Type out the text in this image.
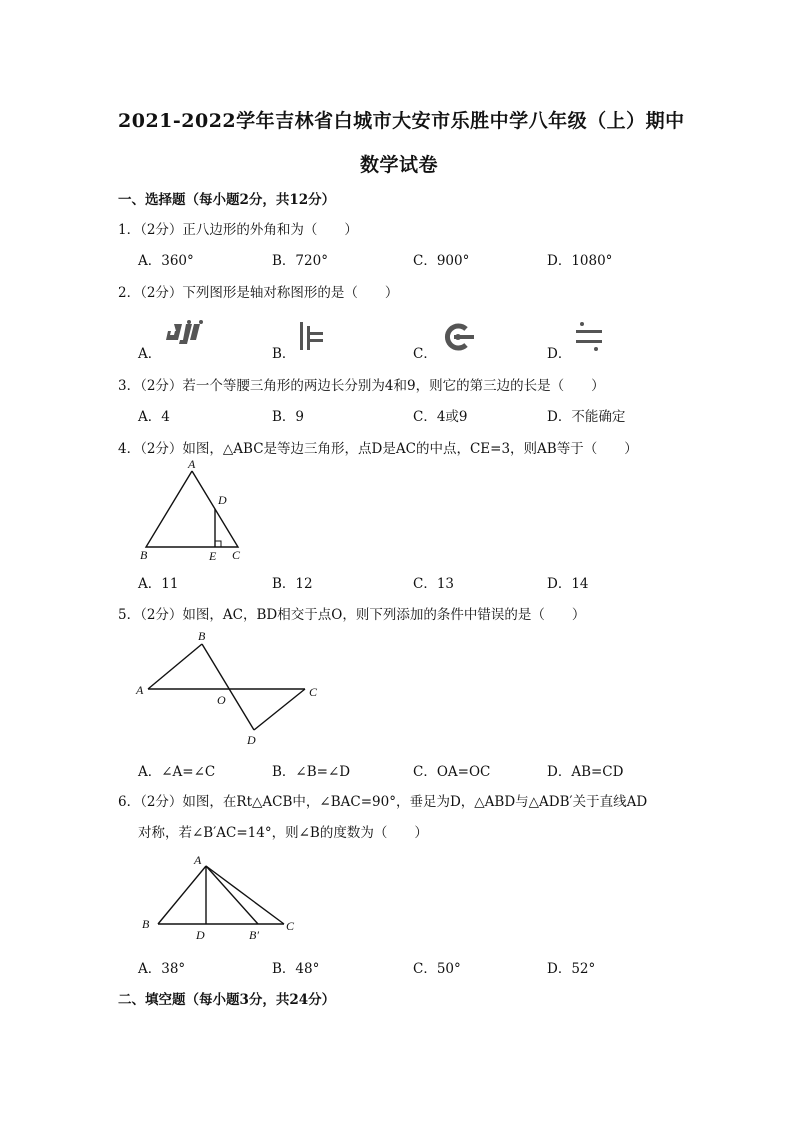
2021-2022学年吉林省白城市大安市乐胜中学八年级（上）期中
数学试卷
一、选择题（每小题2分，共12分）
1．（2分）正八边形的外角和为（　　）
A．360°	B．720°	C．900°	D．1080°
2．（2分）下列图形是轴对称图形的是（　　）
A．	B．	C．	D．
3．（2分）若一个等腰三角形的两边长分别为4和9，则它的第三边的长是（　　）
A．4	B．9	C．4或9	D．不能确定
4．（2分）如图，△ABC是等边三角形，点D是AC的中点，CE=3，则AB等于（　　）
A
D
B	E C
A．11	B．12	C．13	D．14
5．（2分）如图，AC，BD相交于点O，则下列添加的条件中错误的是（　　）
B
A
O
C
D
A．∠A=∠C	B．∠B=∠D	C．OA=OC	D．AB=CD
6．（2分）如图，在Rt△ACB中，∠BAC=90°，垂足为D，△ABD与△ADB′关于直线AD
对称，若∠B′AC=14°，则∠B的度数为（　　）
A
B
D	B′
C
A．38°	B．48°	C．50°	D．52°
二、填空题（每小题3分，共24分）
